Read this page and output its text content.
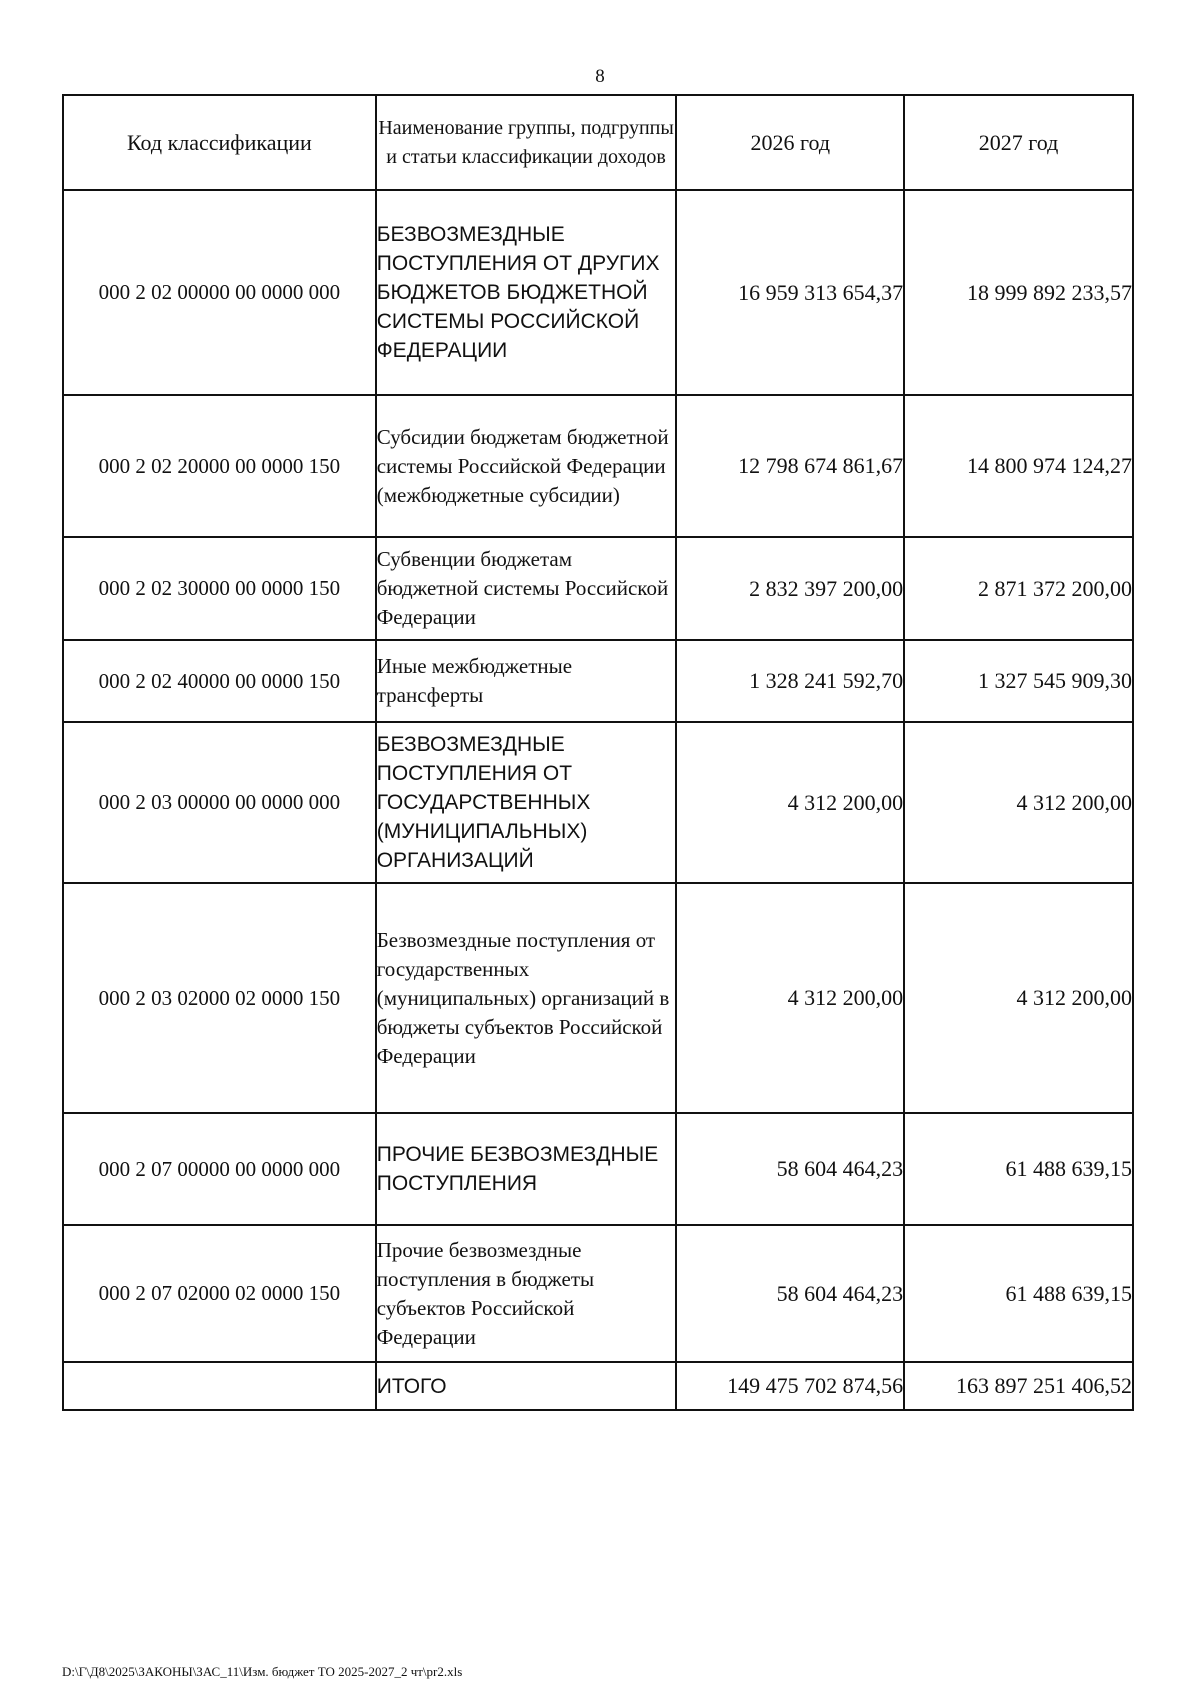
8
Код классификации	Наименование группы, подгруппы и статьи классификации доходов	2026 год	2027 год
000 2 02 00000 00 0000 000	БЕЗВОЗМЕЗДНЫЕ ПОСТУПЛЕНИЯ ОТ ДРУГИХ БЮДЖЕТОВ БЮДЖЕТНОЙ СИСТЕМЫ РОССИЙСКОЙ ФЕДЕРАЦИИ	16 959 313 654,37	18 999 892 233,57
000 2 02 20000 00 0000 150	Субсидии бюджетам бюджетной системы Российской Федерации (межбюджетные субсидии)	12 798 674 861,67	14 800 974 124,27
000 2 02 30000 00 0000 150	Субвенции бюджетам бюджетной системы Российской Федерации	2 832 397 200,00	2 871 372 200,00
000 2 02 40000 00 0000 150	Иные межбюджетные трансферты	1 328 241 592,70	1 327 545 909,30
000 2 03 00000 00 0000 000	БЕЗВОЗМЕЗДНЫЕ ПОСТУПЛЕНИЯ ОТ ГОСУДАРСТВЕННЫХ (МУНИЦИПАЛЬНЫХ) ОРГАНИЗАЦИЙ	4 312 200,00	4 312 200,00
000 2 03 02000 02 0000 150	Безвозмездные поступления от государственных (муниципальных) организаций в бюджеты субъектов Российской Федерации	4 312 200,00	4 312 200,00
000 2 07 00000 00 0000 000	ПРОЧИЕ БЕЗВОЗМЕЗДНЫЕ ПОСТУПЛЕНИЯ	58 604 464,23	61 488 639,15
000 2 07 02000 02 0000 150	Прочие безвозмездные поступления в бюджеты субъектов Российской Федерации	58 604 464,23	61 488 639,15
	ИТОГО	149 475 702 874,56	163 897 251 406,52
D:\Г\Д8\2025\ЗАКОНЫ\ЗАС_11\Изм. бюджет ТО 2025-2027_2 чт\pr2.xls
